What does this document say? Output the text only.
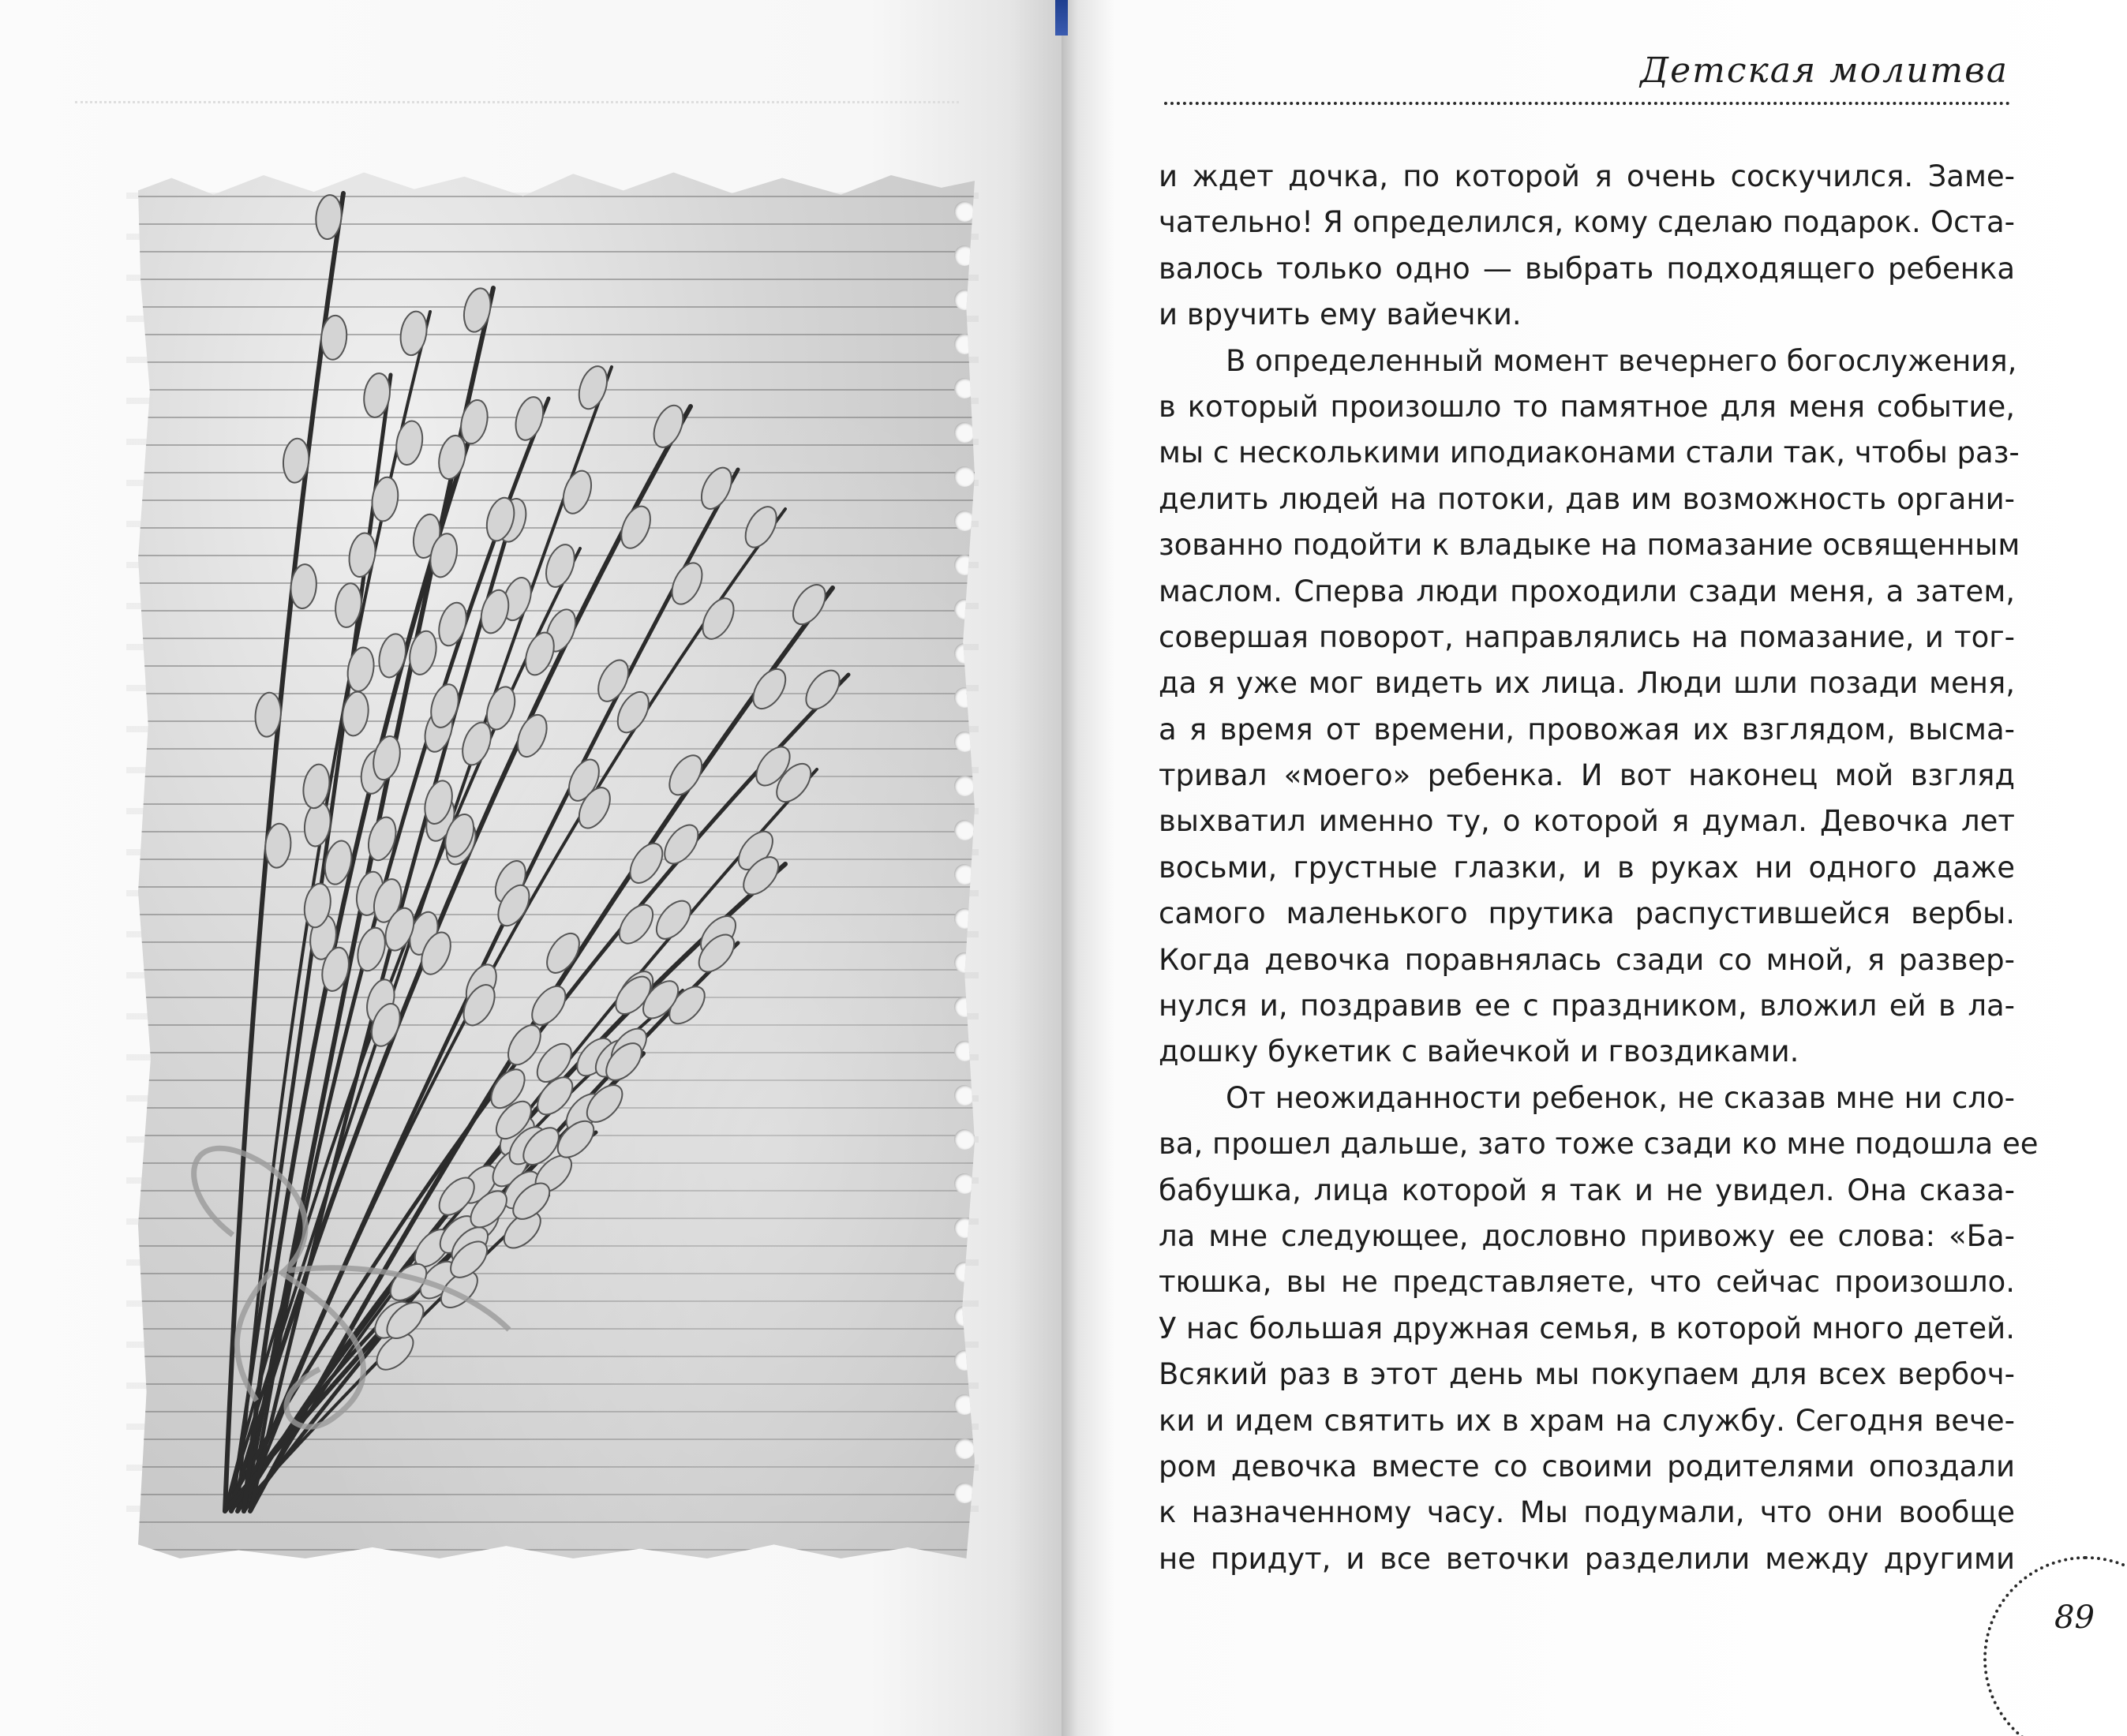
Детская молитва
и ждет дочка, по которой я очень соскучился. Заме-
чательно! Я определился, кому сделаю подарок. Оста-
валось только одно — выбрать подходящего ребенка
и вручить ему вайечки.
В определенный момент вечернего богослужения,
в который произошло то памятное для меня событие,
мы с несколькими иподиаконами стали так, чтобы раз-
делить людей на потоки, дав им возможность органи-
зованно подойти к владыке на помазание освященным
маслом. Сперва люди проходили сзади меня, а затем,
совершая поворот, направлялись на помазание, и тог-
да я уже мог видеть их лица. Люди шли позади меня,
а я время от времени, провожая их взглядом, высма-
тривал «моего» ребенка. И вот наконец мой взгляд
выхватил именно ту, о которой я думал. Девочка лет
восьми, грустные глазки, и в руках ни одного даже
самого маленького прутика распустившейся вербы.
Когда девочка поравнялась сзади со мной, я развер-
нулся и, поздравив ее с праздником, вложил ей в ла-
дошку букетик с вайечкой и гвоздиками.
От неожиданности ребенок, не сказав мне ни сло-
ва, прошел дальше, зато тоже сзади ко мне подошла ее
бабушка, лица которой я так и не увидел. Она сказа-
ла мне следующее, дословно привожу ее слова: «Ба-
тюшка, вы не представляете, что сейчас произошло.
У нас большая дружная семья, в которой много детей.
Всякий раз в этот день мы покупаем для всех вербоч-
ки и идем святить их в храм на службу. Сегодня вече-
ром девочка вместе со своими родителями опоздали
к назначенному часу. Мы подумали, что они вообще
не придут, и все веточки разделили между другими
89
